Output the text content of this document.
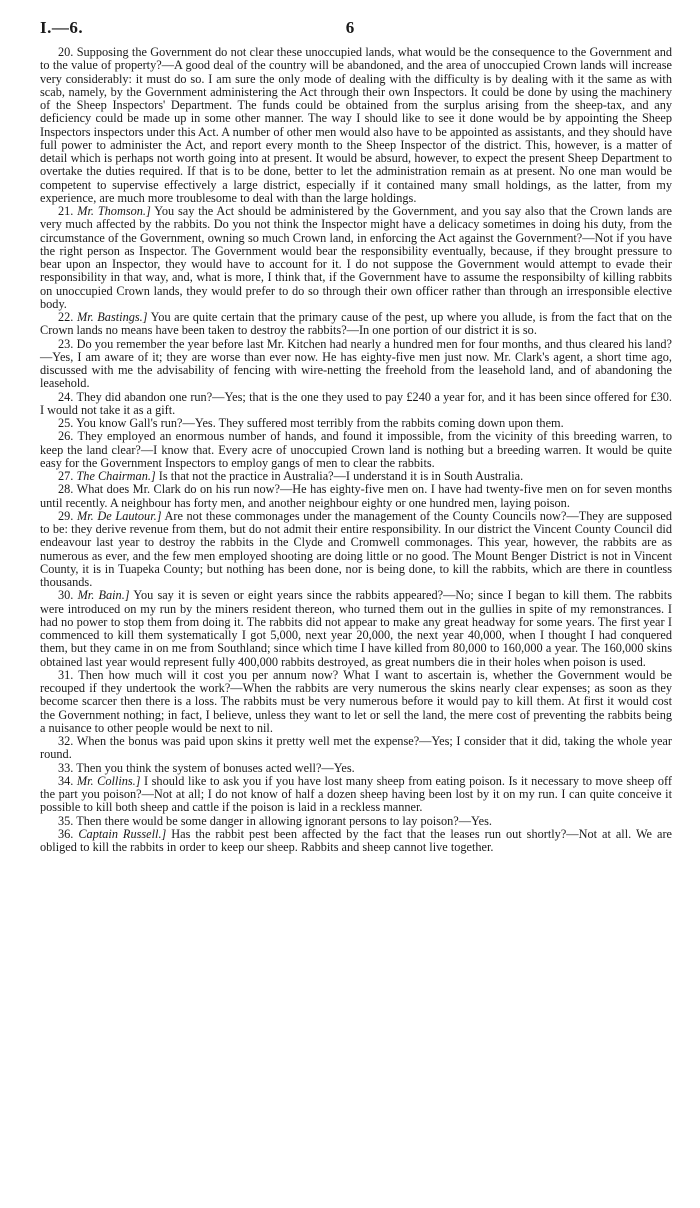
I.—6.	6

20. Supposing the Government do not clear these unoccupied lands, what would be the consequence to the Government and to the value of property?—A good deal of the country will be abandoned, and the area of unoccupied Crown lands will increase very considerably: it must do so. I am sure the only mode of dealing with the difficulty is by dealing with it the same as with scab, namely, by the Government administering the Act through their own Inspectors. It could be done by using the machinery of the Sheep Inspectors' Department. The funds could be obtained from the surplus arising from the sheep-tax, and any deficiency could be made up in some other manner. The way I should like to see it done would be by appointing the Sheep Inspectors inspectors under this Act. A number of other men would also have to be appointed as assistants, and they should have full power to administer the Act, and report every month to the Sheep Inspector of the district. This, however, is a matter of detail which is perhaps not worth going into at present. It would be absurd, however, to expect the present Sheep Department to overtake the duties required. If that is to be done, better to let the administration remain as at present. No one man would be competent to supervise effectively a large district, especially if it contained many small holdings, as the latter, from my experience, are much more troublesome to deal with than the large holdings.

21. Mr. Thomson.] You say the Act should be administered by the Government, and you say also that the Crown lands are very much affected by the rabbits. Do you not think the Inspector might have a delicacy sometimes in doing his duty, from the circumstance of the Government, owning so much Crown land, in enforcing the Act against the Government?—Not if you have the right person as Inspector. The Government would bear the responsibility eventually, because, if they brought pressure to bear upon an Inspector, they would have to account for it. I do not suppose the Government would attempt to evade their responsibility in that way, and, what is more, I think that, if the Government have to assume the responsibilty of killing rabbits on unoccupied Crown lands, they would prefer to do so through their own officer rather than through an irresponsible elective body.

22. Mr. Bastings.] You are quite certain that the primary cause of the pest, up where you allude, is from the fact that on the Crown lands no means have been taken to destroy the rabbits?—In one portion of our district it is so.

23. Do you remember the year before last Mr. Kitchen had nearly a hundred men for four months, and thus cleared his land?—Yes, I am aware of it; they are worse than ever now. He has eighty-five men just now. Mr. Clark's agent, a short time ago, discussed with me the advisability of fencing with wire-netting the freehold from the leasehold land, and of abandoning the leasehold.

24. They did abandon one run?—Yes; that is the one they used to pay £240 a year for, and it has been since offered for £30. I would not take it as a gift.

25. You know Gall's run?—Yes. They suffered most terribly from the rabbits coming down upon them.

26. They employed an enormous number of hands, and found it impossible, from the vicinity of this breeding warren, to keep the land clear?—I know that. Every acre of unoccupied Crown land is nothing but a breeding warren. It would be quite easy for the Government Inspectors to employ gangs of men to clear the rabbits.

27. The Chairman.] Is that not the practice in Australia?—I understand it is in South Australia.

28. What does Mr. Clark do on his run now?—He has eighty-five men on. I have had twenty-five men on for seven months until recently. A neighbour has forty men, and another neighbour eighty or one hundred men, laying poison.

29. Mr. De Lautour.] Are not these commonages under the management of the County Councils now?—They are supposed to be: they derive revenue from them, but do not admit their entire responsibility. In our district the Vincent County Council did endeavour last year to destroy the rabbits in the Clyde and Cromwell commonages. This year, however, the rabbits are as numerous as ever, and the few men employed shooting are doing little or no good. The Mount Benger District is not in Vincent County, it is in Tuapeka County; but nothing has been done, nor is being done, to kill the rabbits, which are there in countless thousands.

30. Mr. Bain.] You say it is seven or eight years since the rabbits appeared?—No; since I began to kill them. The rabbits were introduced on my run by the miners resident thereon, who turned them out in the gullies in spite of my remonstrances. I had no power to stop them from doing it. The rabbits did not appear to make any great headway for some years. The first year I commenced to kill them systematically I got 5,000, next year 20,000, the next year 40,000, when I thought I had conquered them, but they came in on me from Southland; since which time I have killed from 80,000 to 160,000 a year. The 160,000 skins obtained last year would represent fully 400,000 rabbits destroyed, as great numbers die in their holes when poison is used.

31. Then how much will it cost you per annum now? What I want to ascertain is, whether the Government would be recouped if they undertook the work?—When the rabbits are very numerous the skins nearly clear expenses; as soon as they become scarcer then there is a loss. The rabbits must be very numerous before it would pay to kill them. At first it would cost the Government nothing; in fact, I believe, unless they want to let or sell the land, the mere cost of preventing the rabbits being a nuisance to other people would be next to nil.

32. When the bonus was paid upon skins it pretty well met the expense?—Yes; I consider that it did, taking the whole year round.

33. Then you think the system of bonuses acted well?—Yes.

34. Mr. Collins.] I should like to ask you if you have lost many sheep from eating poison. Is it necessary to move sheep off the part you poison?—Not at all; I do not know of half a dozen sheep having been lost by it on my run. I can quite conceive it possible to kill both sheep and cattle if the poison is laid in a reckless manner.

35. Then there would be some danger in allowing ignorant persons to lay poison?—Yes.

36. Captain Russell.] Has the rabbit pest been affected by the fact that the leases run out shortly?—Not at all. We are obliged to kill the rabbits in order to keep our sheep. Rabbits and sheep cannot live together.
